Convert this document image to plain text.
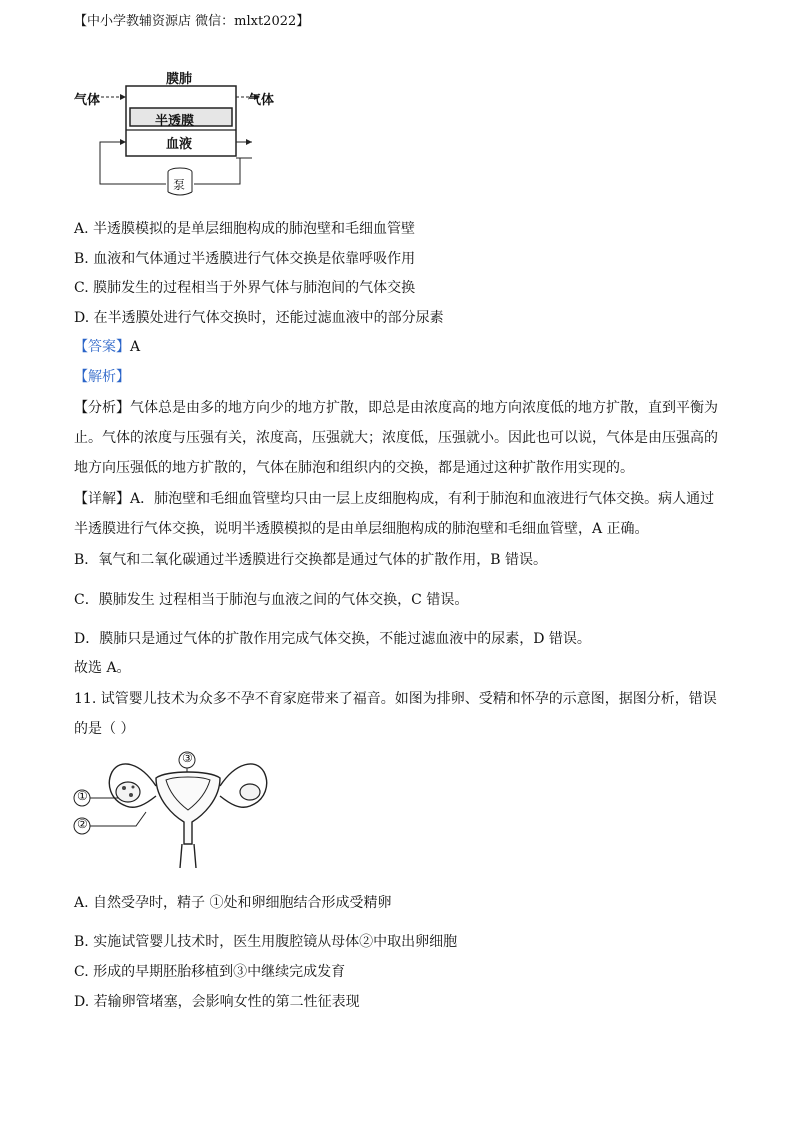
【中小学教辅资源店 微信：mlxt2022】
膜肺
气体	气体
半透膜
血液
泵
A. 半透膜模拟的是单层细胞构成的肺泡壁和毛细血管壁
B. 血液和气体通过半透膜进行气体交换是依靠呼吸作用
C. 膜肺发生的过程相当于外界气体与肺泡间的气体交换
D. 在半透膜处进行气体交换时，还能过滤血液中的部分尿素
【答案】A
【解析】
【分析】气体总是由多的地方向少的地方扩散，即总是由浓度高的地方向浓度低的地方扩散，直到平衡为
止。气体的浓度与压强有关，浓度高，压强就大；浓度低，压强就小。因此也可以说，气体是由压强高的
地方向压强低的地方扩散的，气体在肺泡和组织内的交换，都是通过这种扩散作用实现的。
【详解】A．肺泡壁和毛细血管壁均只由一层上皮细胞构成，有利于肺泡和血液进行气体交换。病人通过
半透膜进行气体交换，说明半透膜模拟的是由单层细胞构成的肺泡壁和毛细血管壁，A 正确。
B．氧气和二氧化碳通过半透膜进行交换都是通过气体的扩散作用，B 错误。
C．膜肺发生 过程相当于肺泡与血液之间的气体交换，C 错误。
D．膜肺只是通过气体的扩散作用完成气体交换，不能过滤血液中的尿素，D 错误。
故选 A。
11. 试管婴儿技术为众多不孕不育家庭带来了福音。如图为排卵、受精和怀孕的示意图，据图分析，错误
的是（ ）
③
①
②
A. 自然受孕时，精子 ①处和卵细胞结合形成受精卵
B. 实施试管婴儿技术时，医生用腹腔镜从母体②中取出卵细胞
C. 形成的早期胚胎移植到③中继续完成发育
D. 若输卵管堵塞，会影响女性的第二性征表现
